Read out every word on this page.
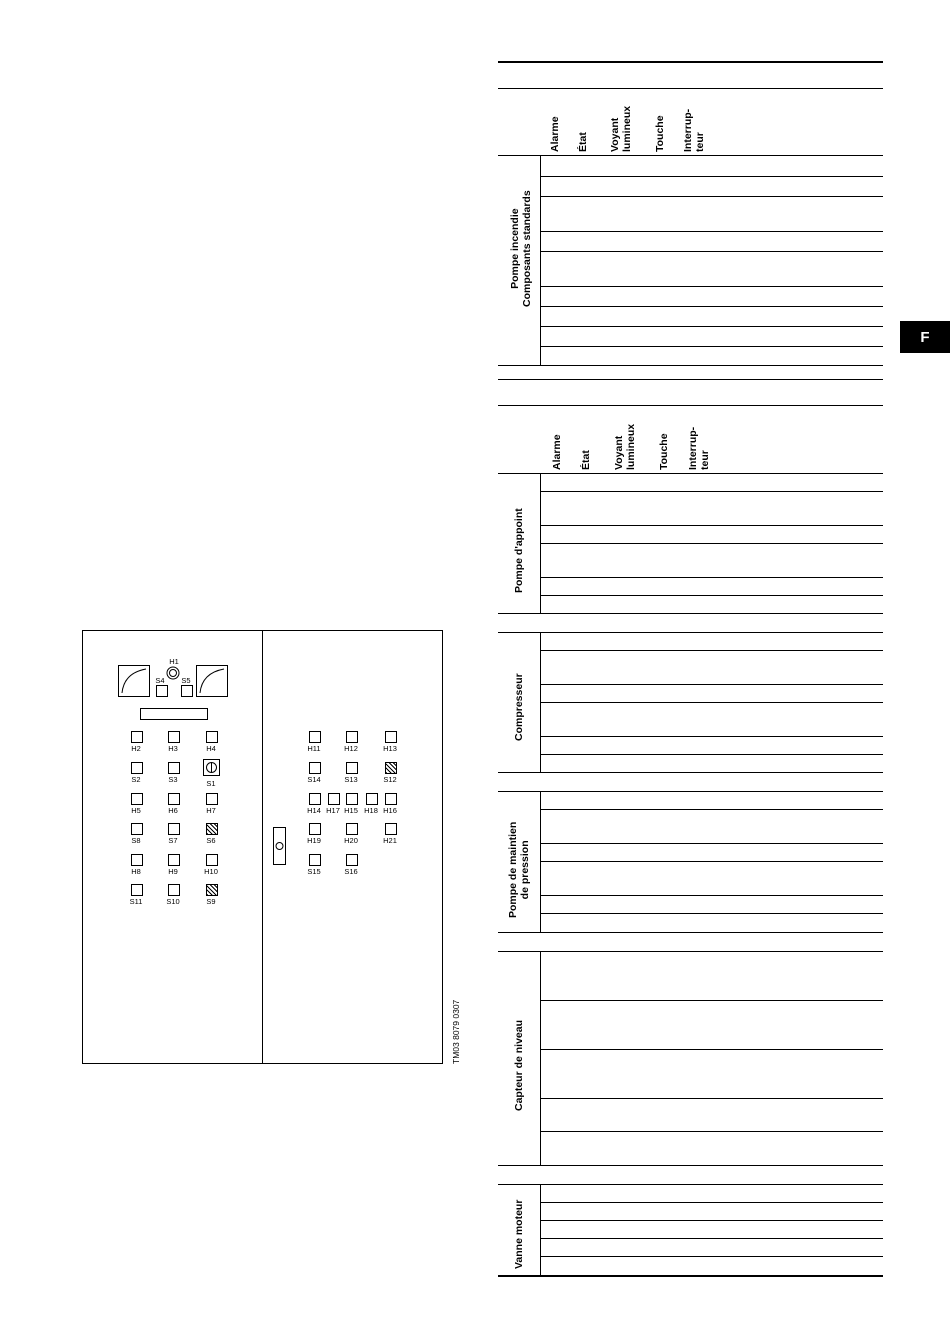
F
Alarme État Voyant
lumineux Touche Interrup-
teur
Pompe incendie
Composants standards
Alarme État Voyant
lumineux Touche Interrup-
teur
Pompe d'appoint
Compresseur
Pompe de maintien
de pression
Capteur de niveau
Vanne moteur
H1
S4	S5
H2	H3	H4
S2	S3	S1
H5	H6	H7
S8	S7	S6
H8	H9	H10
S11	S10	S9
H11	H12	H13
S14	S13	S12
H14 H17 H15 H18 H16
H19	H20	H21
S15	S16
TM03 8079 0307
